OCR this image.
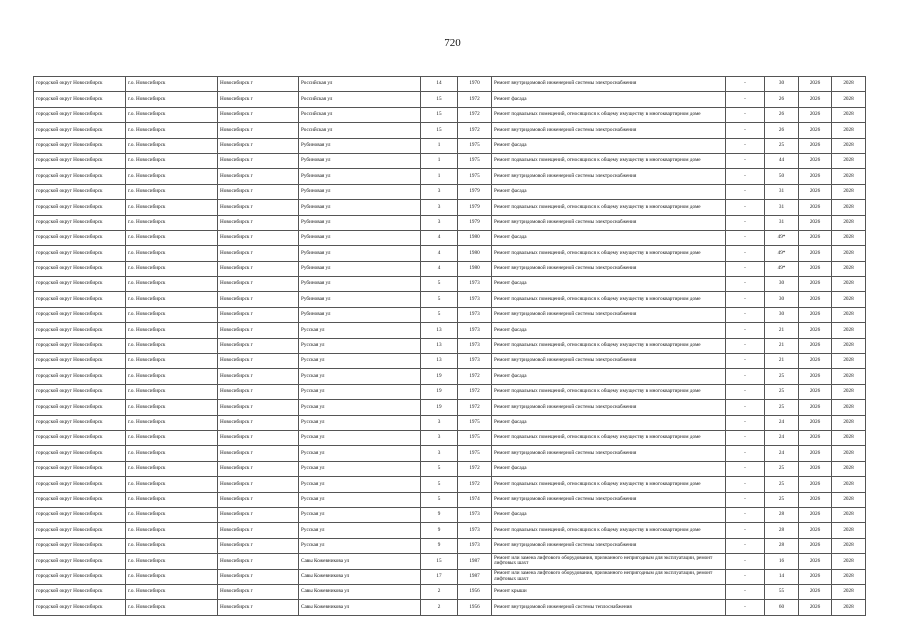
720
городской округ Новосибирск	г.о. Новосибирск	Новосибирск г	Российская ул	14	1970	Ремонт внутридомовой инженерной системы электроснабжения	-	30	2026	2028
городской округ Новосибирск	г.о. Новосибирск	Новосибирск г	Российская ул	15	1972	Ремонт фасада	-	26	2026	2028
городской округ Новосибирск	г.о. Новосибирск	Новосибирск г	Российская ул	15	1972	Ремонт подвальных помещений, относящихся к общему имуществу в многоквартирном доме	-	26	2026	2028
городской округ Новосибирск	г.о. Новосибирск	Новосибирск г	Российская ул	15	1972	Ремонт внутридомовой инженерной системы электроснабжения	-	26	2026	2028
городской округ Новосибирск	г.о. Новосибирск	Новосибирск г	Рубиновая ул	1	1975	Ремонт фасада	-	25	2026	2028
городской округ Новосибирск	г.о. Новосибирск	Новосибирск г	Рубиновая ул	1	1975	Ремонт подвальных помещений, относящихся к общему имуществу в многоквартирном доме	-	44	2026	2028
городской округ Новосибирск	г.о. Новосибирск	Новосибирск г	Рубиновая ул	1	1975	Ремонт внутридомовой инженерной системы электроснабжения	-	50	2026	2028
городской округ Новосибирск	г.о. Новосибирск	Новосибирск г	Рубиновая ул	3	1979	Ремонт фасада	-	31	2026	2028
городской округ Новосибирск	г.о. Новосибирск	Новосибирск г	Рубиновая ул	3	1979	Ремонт подвальных помещений, относящихся к общему имуществу в многоквартирном доме	-	31	2026	2028
городской округ Новосибирск	г.о. Новосибирск	Новосибирск г	Рубиновая ул	3	1979	Ремонт внутридомовой инженерной системы электроснабжения	-	31	2026	2028
городской округ Новосибирск	г.о. Новосибирск	Новосибирск г	Рубиновая ул	4	1980	Ремонт фасада	-	49*	2026	2028
городской округ Новосибирск	г.о. Новосибирск	Новосибирск г	Рубиновая ул	4	1980	Ремонт подвальных помещений, относящихся к общему имуществу в многоквартирном доме	-	49*	2026	2028
городской округ Новосибирск	г.о. Новосибирск	Новосибирск г	Рубиновая ул	4	1980	Ремонт внутридомовой инженерной системы электроснабжения	-	49*	2026	2028
городской округ Новосибирск	г.о. Новосибирск	Новосибирск г	Рубиновая ул	5	1973	Ремонт фасада	-	30	2026	2028
городской округ Новосибирск	г.о. Новосибирск	Новосибирск г	Рубиновая ул	5	1973	Ремонт подвальных помещений, относящихся к общему имуществу в многоквартирном доме	-	30	2026	2028
городской округ Новосибирск	г.о. Новосибирск	Новосибирск г	Рубиновая ул	5	1973	Ремонт внутридомовой инженерной системы электроснабжения	-	30	2026	2028
городской округ Новосибирск	г.о. Новосибирск	Новосибирск г	Русская ул	13	1973	Ремонт фасада	-	21	2026	2028
городской округ Новосибирск	г.о. Новосибирск	Новосибирск г	Русская ул	13	1973	Ремонт подвальных помещений, относящихся к общему имуществу в многоквартирном доме	-	21	2026	2028
городской округ Новосибирск	г.о. Новосибирск	Новосибирск г	Русская ул	13	1973	Ремонт внутридомовой инженерной системы электроснабжения	-	21	2026	2028
городской округ Новосибирск	г.о. Новосибирск	Новосибирск г	Русская ул	19	1972	Ремонт фасада	-	25	2026	2028
городской округ Новосибирск	г.о. Новосибирск	Новосибирск г	Русская ул	19	1972	Ремонт подвальных помещений, относящихся к общему имуществу в многоквартирном доме	-	25	2026	2028
городской округ Новосибирск	г.о. Новосибирск	Новосибирск г	Русская ул	19	1972	Ремонт внутридомовой инженерной системы электроснабжения	-	25	2026	2028
городской округ Новосибирск	г.о. Новосибирск	Новосибирск г	Русская ул	3	1975	Ремонт фасада	-	24	2026	2028
городской округ Новосибирск	г.о. Новосибирск	Новосибирск г	Русская ул	3	1975	Ремонт подвальных помещений, относящихся к общему имуществу в многоквартирном доме	-	24	2026	2028
городской округ Новосибирск	г.о. Новосибирск	Новосибирск г	Русская ул	3	1975	Ремонт внутридомовой инженерной системы электроснабжения	-	24	2026	2028
городской округ Новосибирск	г.о. Новосибирск	Новосибирск г	Русская ул	5	1972	Ремонт фасада	-	25	2026	2028
городской округ Новосибирск	г.о. Новосибирск	Новосибирск г	Русская ул	5	1972	Ремонт подвальных помещений, относящихся к общему имуществу в многоквартирном доме	-	25	2026	2028
городской округ Новосибирск	г.о. Новосибирск	Новосибирск г	Русская ул	5	1974	Ремонт внутридомовой инженерной системы электроснабжения	-	25	2026	2028
городской округ Новосибирск	г.о. Новосибирск	Новосибирск г	Русская ул	9	1973	Ремонт фасада	-	28	2026	2028
городской округ Новосибирск	г.о. Новосибирск	Новосибирск г	Русская ул	9	1973	Ремонт подвальных помещений, относящихся к общему имуществу в многоквартирном доме	-	28	2026	2028
городской округ Новосибирск	г.о. Новосибирск	Новосибирск г	Русская ул	9	1973	Ремонт внутридомовой инженерной системы электроснабжения	-	28	2026	2028
городской округ Новосибирск	г.о. Новосибирск	Новосибирск г	Савы Кожевникова ул	15	1987	Ремонт или замена лифтового оборудования, признанного непригодным для эксплуатации, ремонт лифтовых шахт	-	16	2026	2028
городской округ Новосибирск	г.о. Новосибирск	Новосибирск г	Савы Кожевникова ул	17	1987	Ремонт или замена лифтового оборудования, признанного непригодным для эксплуатации, ремонт лифтовых шахт	-	14	2026	2028
городской округ Новосибирск	г.о. Новосибирск	Новосибирск г	Савы Кожевникова ул	2	1956	Ремонт крыши	-	55	2026	2028
городской округ Новосибирск	г.о. Новосибирск	Новосибирск г	Савы Кожевникова ул	2	1956	Ремонт внутридомовой инженерной системы теплоснабжения	-	60	2026	2028
